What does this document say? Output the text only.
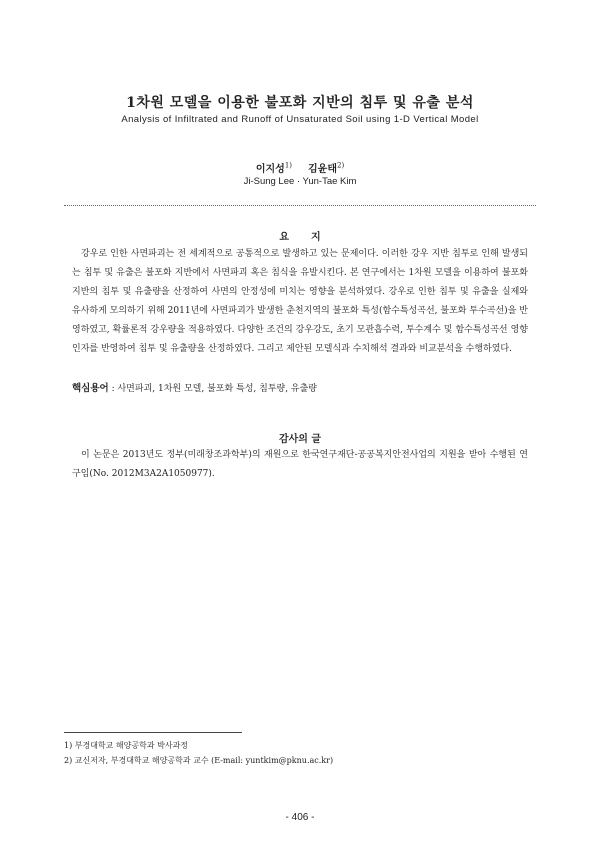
1차원 모델을 이용한 불포화 지반의 침투 및 유출 분석
Analysis of Infiltrated and Runoff of Unsaturated Soil using 1-D Vertical Model
이지성$^{1)}$ 김윤태$^{2)}$
Ji-Sung Lee · Yun-Tae Kim
요지

강우로 인한 사면파괴는 전 세계적으로 공통적으로 발생하고 있는 문제이다. 이러한 강우 지반 침투로 인해 발생되는 침투 및 유출은 불포화 지반에서 사면파괴 혹은 침식을 유발시킨다. 본 연구에서는 1차원 모델을 이용하여 불포화 지반의 침투 및 유출량을 산정하여 사면의 안정성에 미치는 영향을 분석하였다. 강우로 인한 침투 및 유출을 실제와 유사하게 모의하기 위해 2011년에 사면파괴가 발생한 춘천지역의 불포화 특성(함수특성곡선, 불포화 투수곡선)을 반영하였고, 확률론적 강우량을 적용하였다. 다양한 조건의 강우강도, 초기 모관흡수력, 투수계수 및 함수특성곡선 영향인자를 반영하여 침투 및 유출량을 산정하였다. 그리고 제안된 모델식과 수치해석 결과와 비교분석을 수행하였다.

핵심용어 : 사면파괴, 1차원 모델, 불포화 특성, 침투량, 유출량
감사의 글

이 논문은 2013년도 정부(미래창조과학부)의 재원으로 한국연구재단-공공복지안전사업의 지원을 받아 수행된 연구임(No. 2012M3A2A1050977).

1) 부경대학교 해양공학과 박사과정
2) 교신저자, 부경대학교 해양공학과 교수 (E-mail: yuntkim@pknu.ac.kr)
- 406 -
